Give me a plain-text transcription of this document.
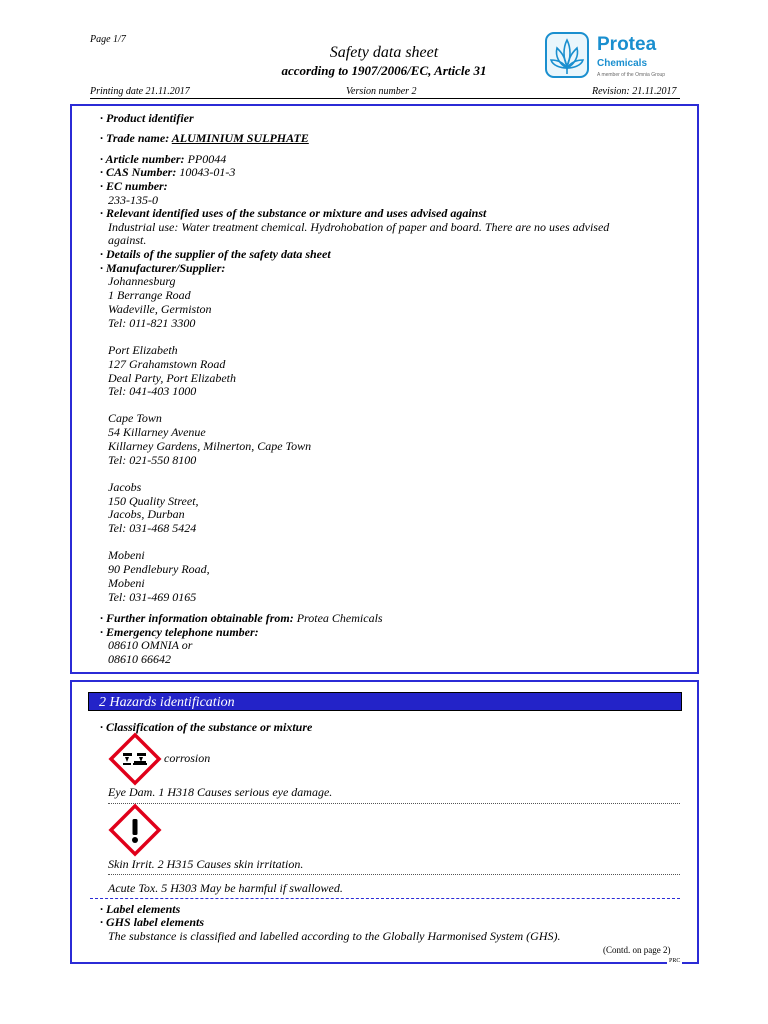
Page 1/7
Safety data sheet
according to 1907/2006/EC, Article 31
Printing date 21.11.2017	Version number 2	Revision: 21.11.2017
Protea
Chemicals
A member of the Omnia Group
· Product identifier
· Trade name: ALUMINIUM SULPHATE
· Article number: PP0044
· CAS Number: 10043-01-3
· EC number:
233-135-0
· Relevant identified uses of the substance or mixture and uses advised against
Industrial use: Water treatment chemical. Hydrohobation of paper and board. There are no uses advised
against.
· Details of the supplier of the safety data sheet
· Manufacturer/Supplier:
Johannesburg
1 Berrange Road
Wadeville, Germiston
Tel: 011-821 3300
Port Elizabeth
127 Grahamstown Road
Deal Party, Port Elizabeth
Tel: 041-403 1000
Cape Town
54 Killarney Avenue
Killarney Gardens, Milnerton, Cape Town
Tel: 021-550 8100
Jacobs
150 Quality Street,
Jacobs, Durban
Tel: 031-468 5424
Mobeni
90 Pendlebury Road,
Mobeni
Tel: 031-469 0165
· Further information obtainable from: Protea Chemicals
· Emergency telephone number:
08610 OMNIA or
08610 66642
2 Hazards identification
· Classification of the substance or mixture
corrosion
Eye Dam. 1 H318 Causes serious eye damage.
Skin Irrit. 2 H315 Causes skin irritation.
Acute Tox. 5 H303 May be harmful if swallowed.
· Label elements
· GHS label elements
The substance is classified and labelled according to the Globally Harmonised System (GHS).
(Contd. on page 2)
PRC
